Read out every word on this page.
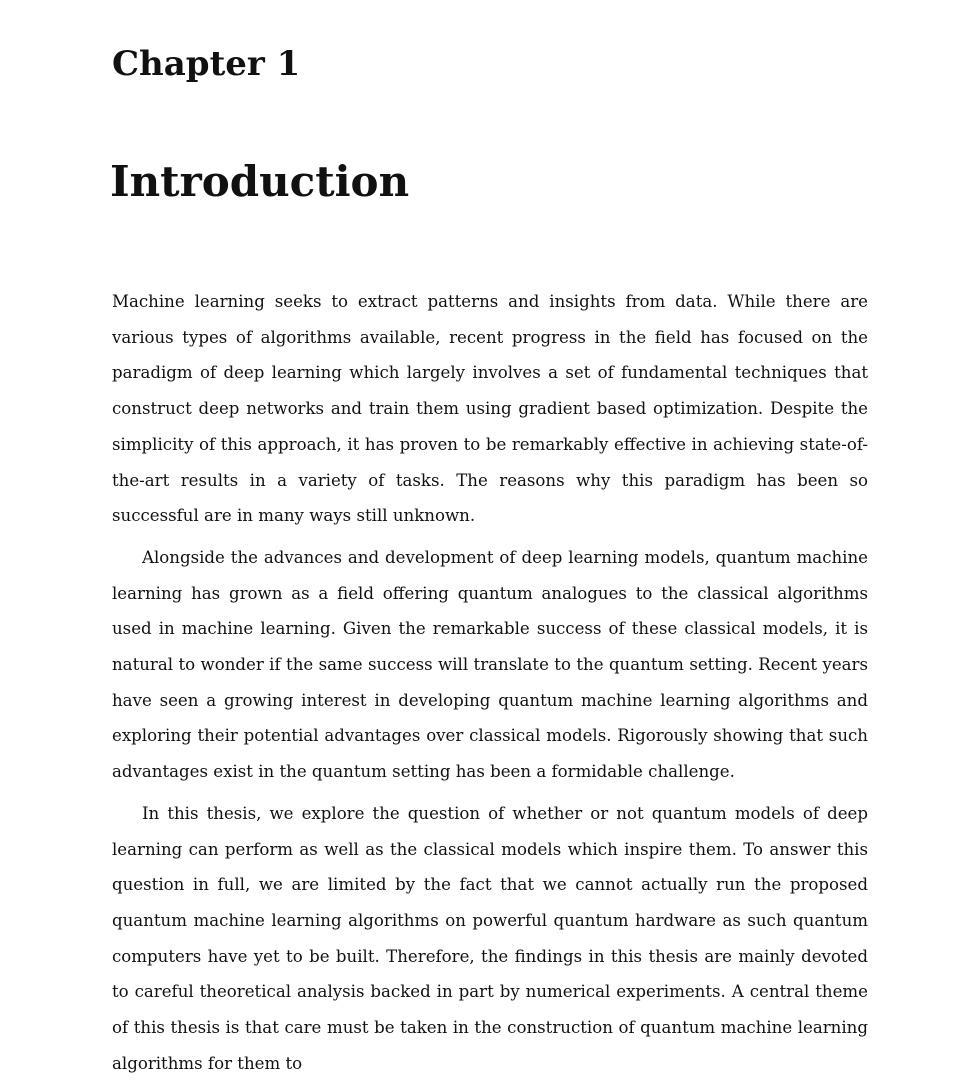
Chapter 1
Introduction

Machine learning seeks to extract patterns and insights from data. While there are various types of algorithms available, recent progress in the field has focused on the paradigm of deep learning which largely involves a set of fundamental techniques that construct deep networks and train them using gradient based optimization. Despite the simplicity of this approach, it has proven to be remarkably effective in achieving state-of-the-art results in a variety of tasks. The reasons why this paradigm has been so successful are in many ways still unknown.

Alongside the advances and development of deep learning models, quantum machine learning has grown as a field offering quantum analogues to the classical algorithms used in machine learning. Given the remarkable success of these classical models, it is natural to wonder if the same success will translate to the quantum setting. Recent years have seen a growing interest in developing quantum machine learning algorithms and exploring their potential advantages over classical models. Rigorously showing that such advantages exist in the quantum setting has been a formidable challenge.

In this thesis, we explore the question of whether or not quantum models of deep learning can perform as well as the classical models which inspire them. To answer this question in full, we are limited by the fact that we cannot actually run the proposed quantum machine learning algorithms on powerful quantum hardware as such quantum computers have yet to be built. Therefore, the findings in this thesis are mainly devoted to careful theoretical analysis backed in part by numerical experiments. A central theme of this thesis is that care must be taken in the construction of quantum machine learning algorithms for them to
